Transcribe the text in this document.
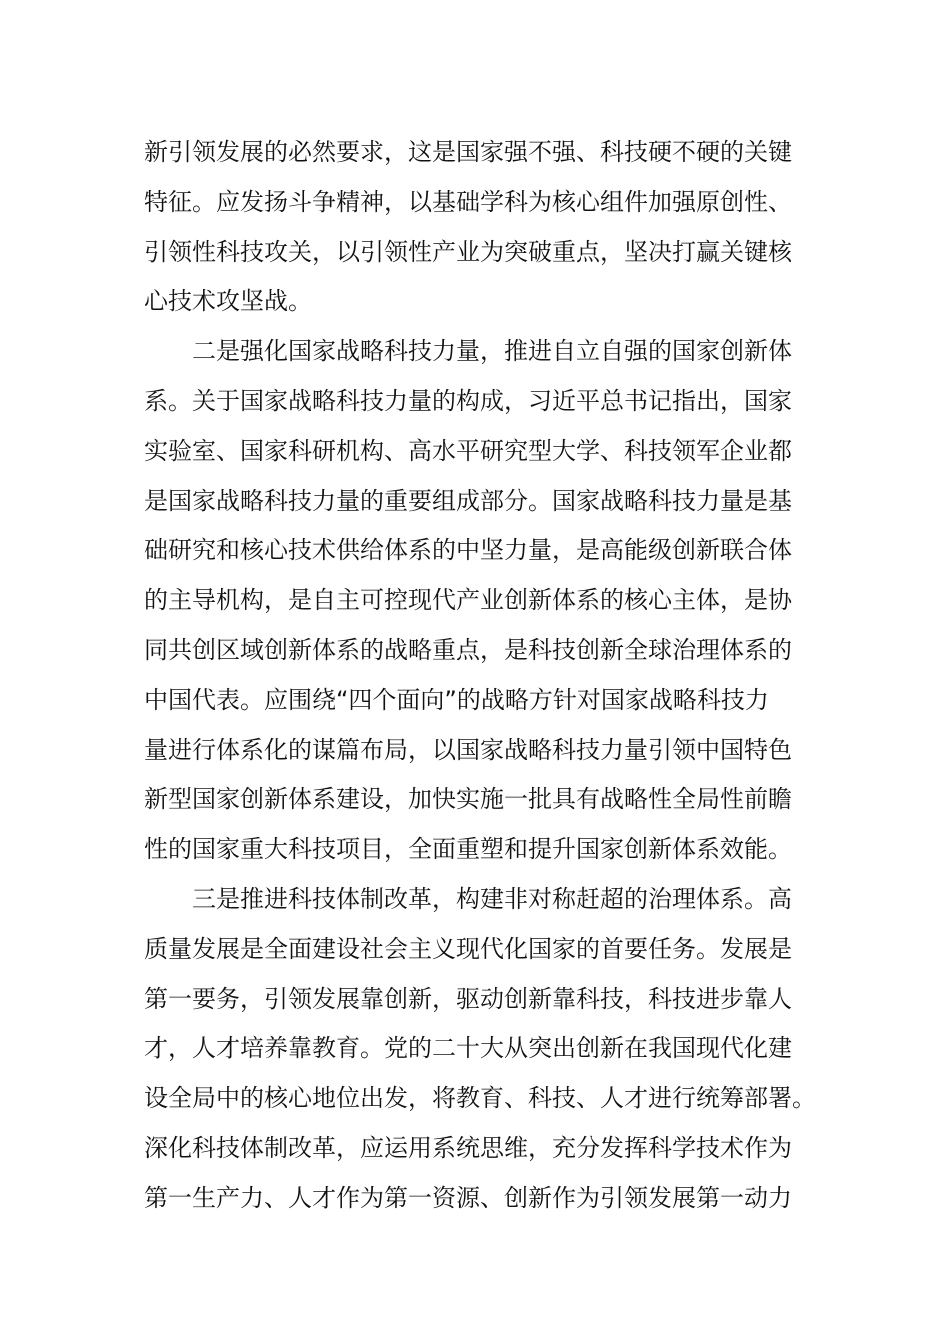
新引领发展的必然要求，这是国家强不强、科技硬不硬的关键
特征。应发扬斗争精神，以基础学科为核心组件加强原创性、
引领性科技攻关，以引领性产业为突破重点，坚决打赢关键核
心技术攻坚战。
二是强化国家战略科技力量，推进自立自强的国家创新体
系。关于国家战略科技力量的构成，习近平总书记指出，国家
实验室、国家科研机构、高水平研究型大学、科技领军企业都
是国家战略科技力量的重要组成部分。国家战略科技力量是基
础研究和核心技术供给体系的中坚力量，是高能级创新联合体
的主导机构，是自主可控现代产业创新体系的核心主体，是协
同共创区域创新体系的战略重点，是科技创新全球治理体系的
中国代表。应围绕“四个面向”的战略方针对国家战略科技力
量进行体系化的谋篇布局，以国家战略科技力量引领中国特色
新型国家创新体系建设，加快实施一批具有战略性全局性前瞻
性的国家重大科技项目，全面重塑和提升国家创新体系效能。
三是推进科技体制改革，构建非对称赶超的治理体系。高
质量发展是全面建设社会主义现代化国家的首要任务。发展是
第一要务，引领发展靠创新，驱动创新靠科技，科技进步靠人
才，人才培养靠教育。党的二十大从突出创新在我国现代化建
设全局中的核心地位出发，将教育、科技、人才进行统筹部署。
深化科技体制改革，应运用系统思维，充分发挥科学技术作为
第一生产力、人才作为第一资源、创新作为引领发展第一动力
